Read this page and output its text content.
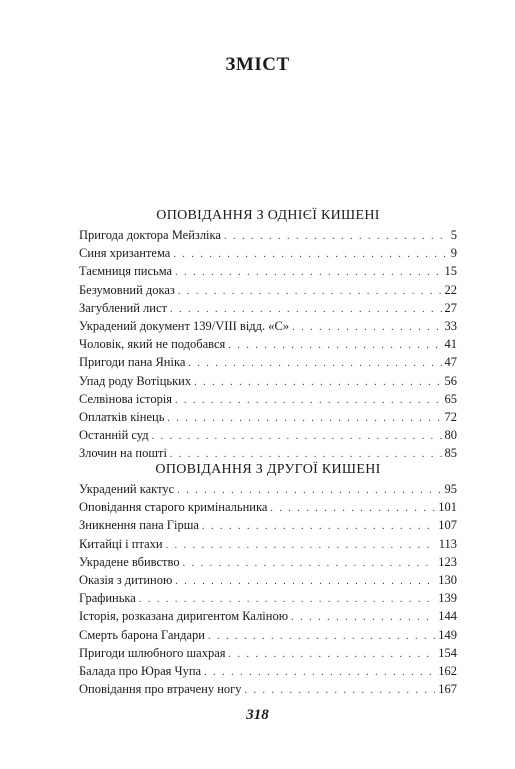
ЗМІСТ
ОПОВІДАННЯ З ОДНІЄЇ КИШЕНІ
Пригода доктора Мейзліка . . .	5
Синя хризантема . . .	9
Таємниця письма . . .	15
Безумовний доказ . . .	22
Загублений лист . . .	27
Украдений документ 139/VIII відд. «С» . . .	33
Чоловік, який не подобався . . .	41
Пригоди пана Яніка . . .	47
Упад роду Вотіцьких . . .	56
Селвінова історія . . .	65
Оплатків кінець . . .	72
Останній суд . . .	80
Злочин на пошті . . .	85
ОПОВІДАННЯ З ДРУГОЇ КИШЕНІ
Украдений кактус . . .	95
Оповідання старого кримінальника . . .	101
Зникнення пана Гірша . . .	107
Китайці і птахи . . .	113
Украдене вбивство . . .	123
Оказія з дитиною . . .	130
Графинька . . .	139
Історія, розказана диригентом Каліною . . .	144
Смерть барона Гандари . . .	149
Пригоди шлюбного шахрая . . .	154
Балада про Юрая Чупа . . .	162
Оповідання про втрачену ногу . . .	167
318
